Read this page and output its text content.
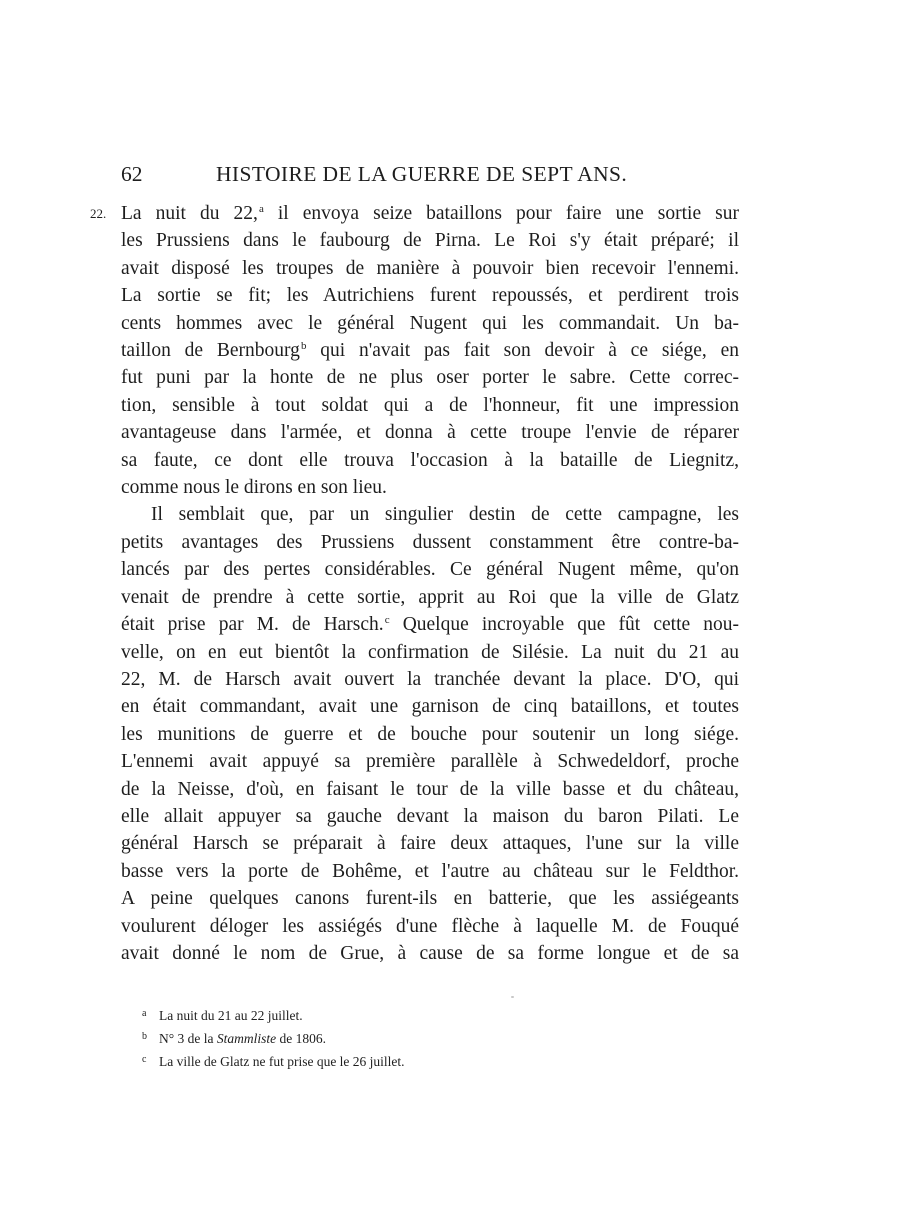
62	HISTOIRE DE LA GUERRE DE SEPT ANS.
22. La nuit du 22,$^a$ il envoya seize bataillons pour faire une sortie sur
les Prussiens dans le faubourg de Pirna. Le Roi s'y était préparé; il
avait disposé les troupes de manière à pouvoir bien recevoir l'ennemi.
La sortie se fit; les Autrichiens furent repoussés, et perdirent trois
cents hommes avec le général Nugent qui les commandait. Un ba-
taillon de Bernbourg$^b$ qui n'avait pas fait son devoir à ce siége, en
fut puni par la honte de ne plus oser porter le sabre. Cette correc-
tion, sensible à tout soldat qui a de l'honneur, fit une impression
avantageuse dans l'armée, et donna à cette troupe l'envie de réparer
sa faute, ce dont elle trouva l'occasion à la bataille de Liegnitz,
comme nous le dirons en son lieu.
Il semblait que, par un singulier destin de cette campagne, les
petits avantages des Prussiens dussent constamment être contre-ba-
lancés par des pertes considérables. Ce général Nugent même, qu'on
venait de prendre à cette sortie, apprit au Roi que la ville de Glatz
était prise par M. de Harsch.$^c$ Quelque incroyable que fût cette nou-
velle, on en eut bientôt la confirmation de Silésie. La nuit du 21 au
22, M. de Harsch avait ouvert la tranchée devant la place. D'O, qui
en était commandant, avait une garnison de cinq bataillons, et toutes
les munitions de guerre et de bouche pour soutenir un long siége.
L'ennemi avait appuyé sa première parallèle à Schwedeldorf, proche
de la Neisse, d'où, en faisant le tour de la ville basse et du château,
elle allait appuyer sa gauche devant la maison du baron Pilati. Le
général Harsch se préparait à faire deux attaques, l'une sur la ville
basse vers la porte de Bohême, et l'autre au château sur le Feldthor.
A peine quelques canons furent-ils en batterie, que les assiégeants
voulurent déloger les assiégés d'une flèche à laquelle M. de Fouqué
avait donné le nom de Grue, à cause de sa forme longue et de sa
a La nuit du 21 au 22 juillet.
b N° 3 de la Stammliste de 1806.
c La ville de Glatz ne fut prise que le 26 juillet.
